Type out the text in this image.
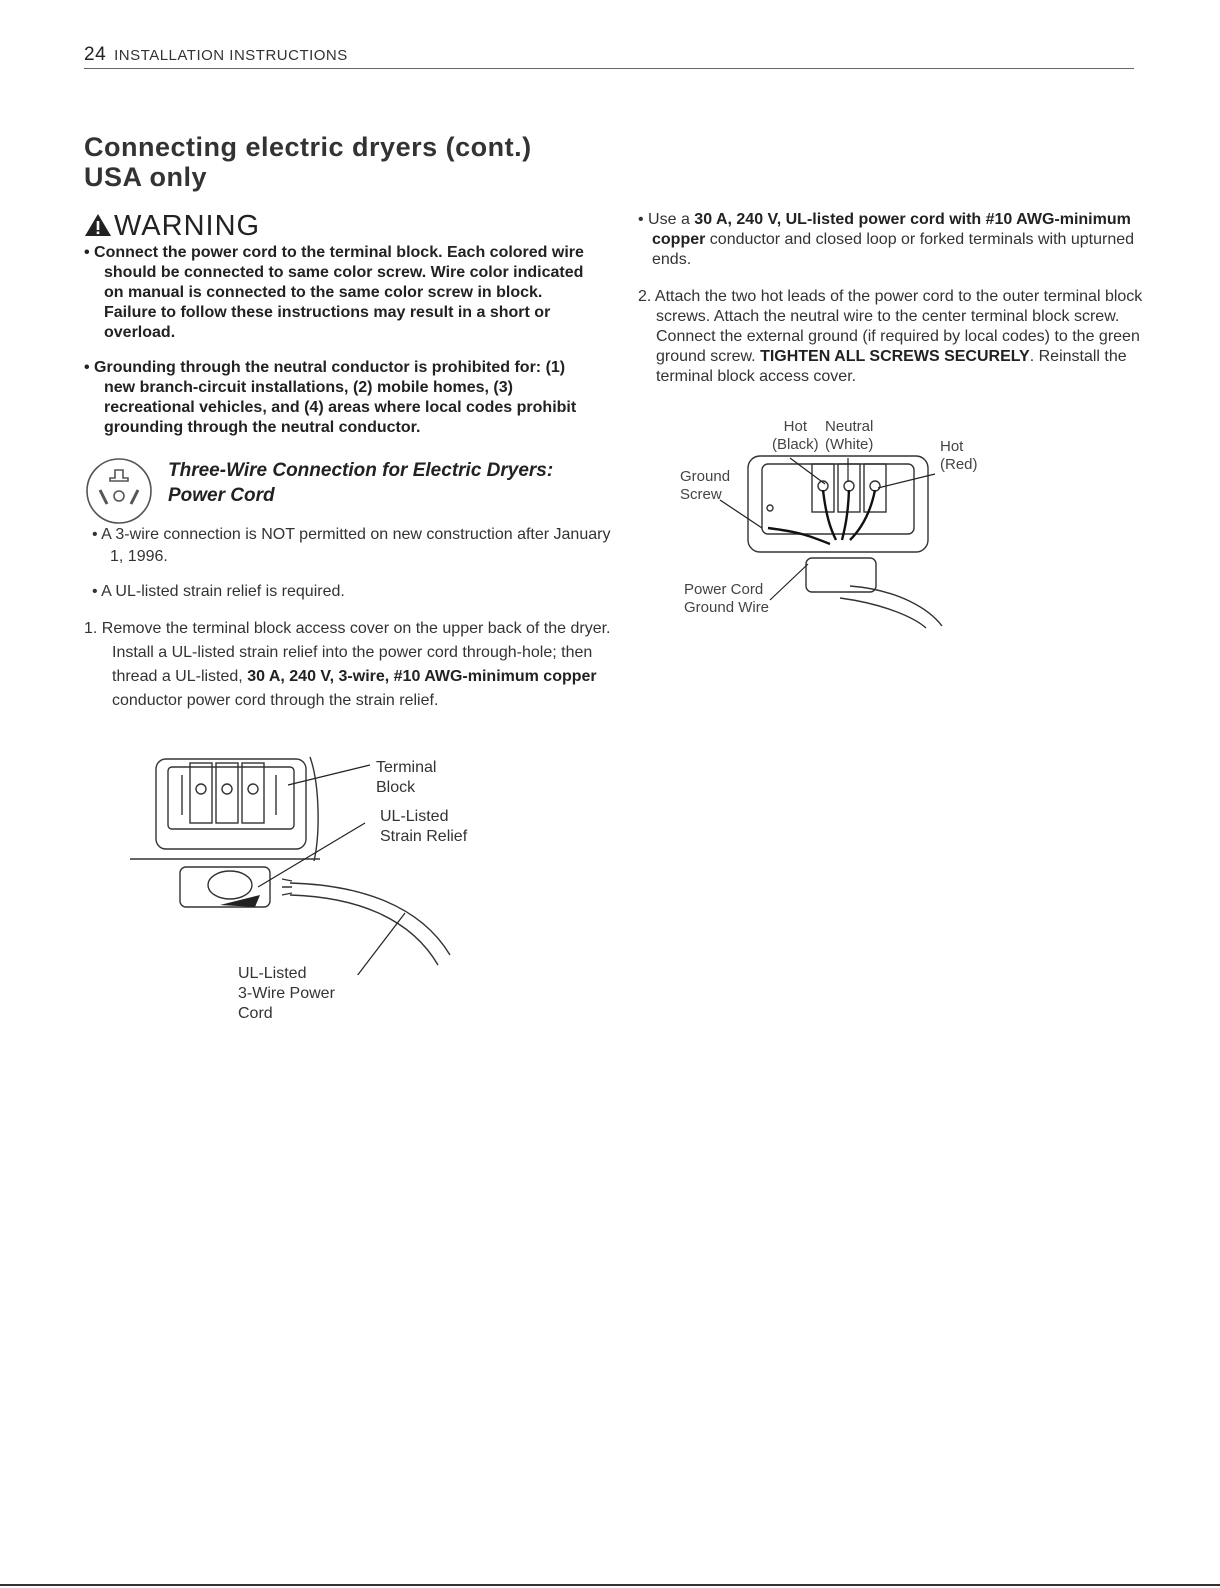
24 INSTALLATION INSTRUCTIONS
Connecting electric dryers (cont.)
USA only
WARNING
• Connect the power cord to the terminal block. Each colored wire should be connected to same color screw. Wire color indicated on manual is connected to the same color screw in block. Failure to follow these instructions may result in a short or overload.
• Grounding through the neutral conductor is prohibited for: (1) new branch-circuit installations, (2) mobile homes, (3) recreational vehicles, and (4) areas where local codes prohibit grounding through the neutral conductor.
Three-Wire Connection for Electric Dryers:
Power Cord
• A 3-wire connection is NOT permitted on new construction after January 1, 1996.
• A UL-listed strain relief is required.
1. Remove the terminal block access cover on the upper back of the dryer. Install a UL-listed strain relief into the power cord through-hole; then thread a UL-listed, 30 A, 240 V, 3-wire, #10 AWG-minimum copper conductor power cord through the strain relief.
• Use a 30 A, 240 V, UL-listed power cord with #10 AWG-minimum copper conductor and closed loop or forked terminals with upturned ends.
2. Attach the two hot leads of the power cord to the outer terminal block screws. Attach the neutral wire to the center terminal block screw. Connect the external ground (if required by local codes) to the green ground screw. TIGHTEN ALL SCREWS SECURELY. Reinstall the terminal block access cover.
Terminal
Block
UL-Listed
Strain Relief
UL-Listed
3-Wire Power
Cord
Hot
(Black)
Neutral
(White)	Hot
(Red)
Ground
Screw
Power Cord
Ground Wire
